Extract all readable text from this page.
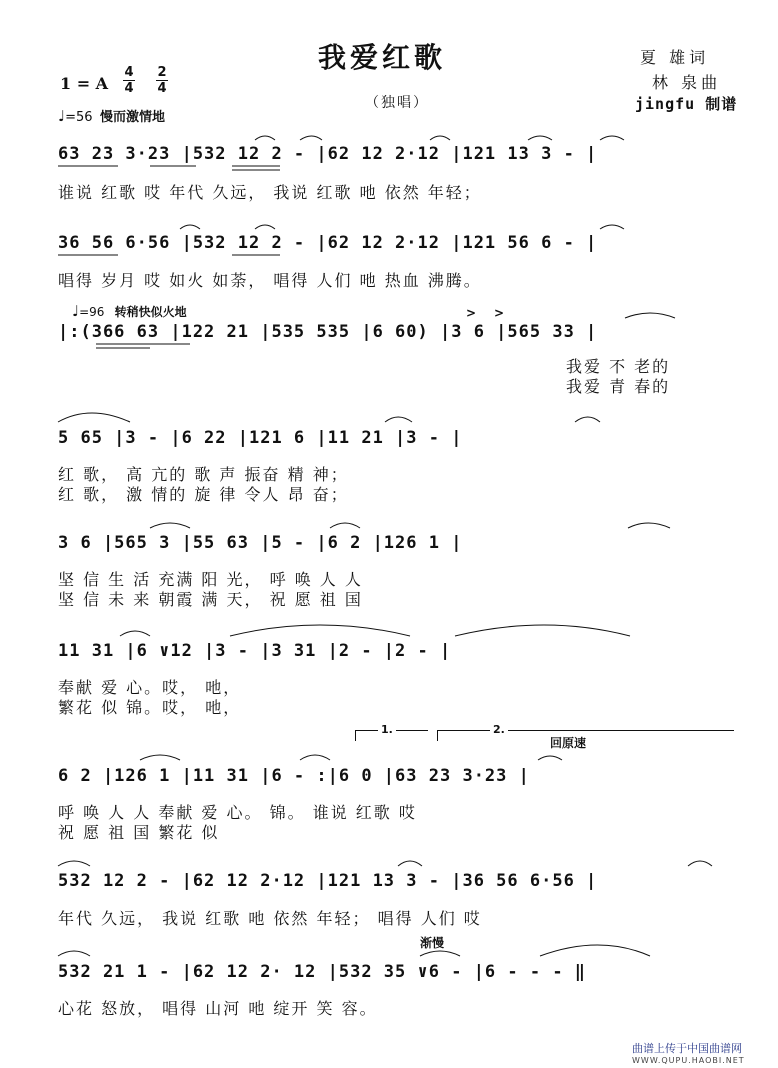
我爱红歌
（独唱）
夏 雄词
林 泉曲
jingfu 制谱
1 = A
4
4
2
4
♩=56 慢而激情地
♩=96 转稍快似火地	> >
63 23 3·23 |532 12 2 - |62 12 2·12 |121 13 3 - |
谁说 红歌 哎 年代 久远， 我说 红歌 吔 依然 年轻；
36 56 6·56 |532 12 2 - |62 12 2·12 |121 56 6 - |
唱得 岁月 哎 如火 如荼， 唱得 人们 吔 热血 沸腾。
|:(366 63 |122 21 |535 535 |6 60) |3 6 |565 33 |
我爱 不 老的
我爱 青 春的
5 65 |3 - |6 22 |121 6 |11 21 |3 - |
红 歌， 高 亢的 歌 声 振奋 精 神；
红 歌， 激 情的 旋 律 令人 昂 奋；
3 6 |565 3 |55 63 |5 - |6 2 |126 1 |
坚 信 生 活 充满 阳 光， 呼 唤 人 人
坚 信 未 来 朝霞 满 天， 祝 愿 祖 国
11 31 |6 ∨12 |3 - |3 31 |2 - |2 - |
奉献 爱 心。哎， 吔，
繁花 似 锦。哎， 吔，
1.	2.
回原速
6 2 |126 1 |11 31 |6 - :|6 0 |63 23 3·23 |
呼 唤 人 人 奉献 爱 心。 锦。 谁说 红歌 哎
祝 愿 祖 国 繁花 似
532 12 2 - |62 12 2·12 |121 13 3 - |36 56 6·56 |
年代 久远， 我说 红歌 吔 依然 年轻； 唱得 人们 哎
渐慢
532 21 1 - |62 12 2· 12 |532 35 ∨6 - |6 - - - ‖
心花 怒放， 唱得 山河 吔 绽开 笑 容。
曲谱上传于中国曲谱网
WWW.QUPU.HAOBI.NET
